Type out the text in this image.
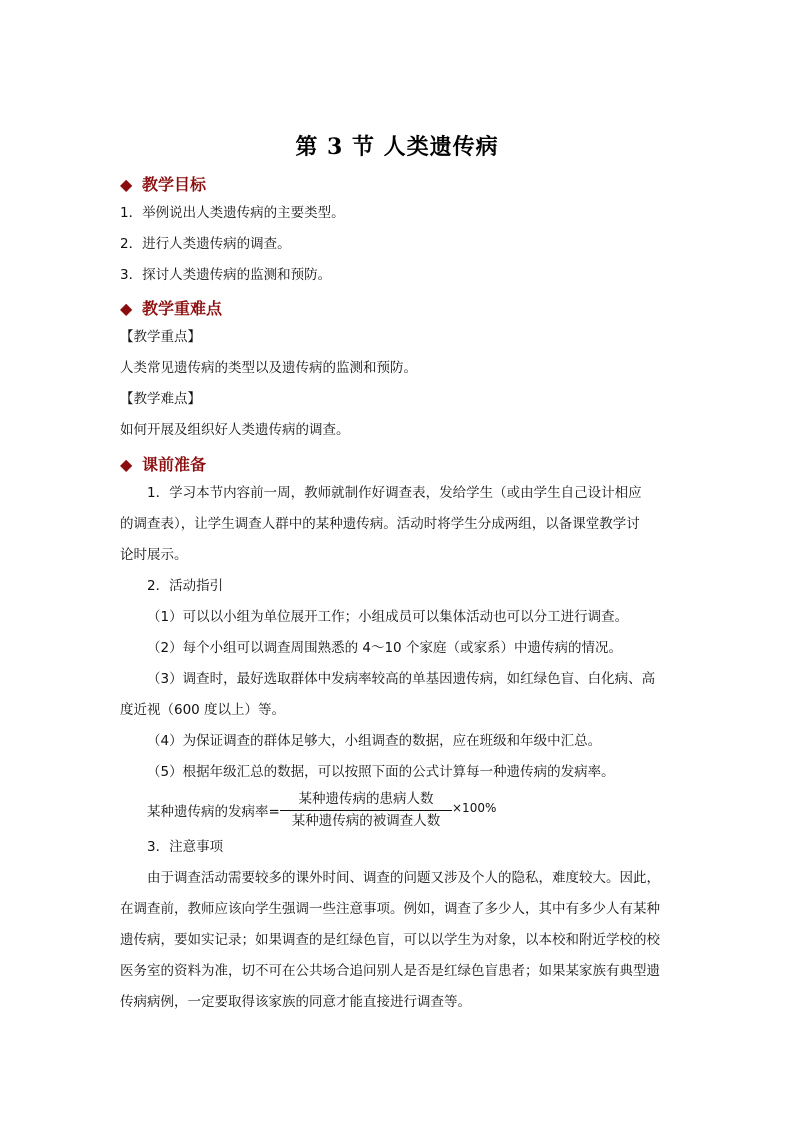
第 3 节 人类遗传病
◆ 教学目标
1．举例说出人类遗传病的主要类型。
2．进行人类遗传病的调查。
3．探讨人类遗传病的监测和预防。
◆ 教学重难点
【教学重点】
人类常见遗传病的类型以及遗传病的监测和预防。
【教学难点】
如何开展及组织好人类遗传病的调查。
◆ 课前准备
1．学习本节内容前一周，教师就制作好调查表，发给学生（或由学生自己设计相应
的调查表），让学生调查人群中的某种遗传病。活动时将学生分成两组，以备课堂教学讨
论时展示。
2．活动指引
（1）可以以小组为单位展开工作；小组成员可以集体活动也可以分工进行调查。
（2）每个小组可以调查周围熟悉的 4～10 个家庭（或家系）中遗传病的情况。
（3）调查时，最好选取群体中发病率较高的单基因遗传病，如红绿色盲、白化病、高
度近视（600 度以上）等。
（4）为保证调查的群体足够大，小组调查的数据，应在班级和年级中汇总。
（5）根据年级汇总的数据，可以按照下面的公式计算每一种遗传病的发病率。
某种遗传病的发病率=
某种遗传病的患病人数
某种遗传病的被调查人数
×100%
3．注意事项
由于调查活动需要较多的课外时间、调查的问题又涉及个人的隐私，难度较大。因此，
在调查前，教师应该向学生强调一些注意事项。例如，调查了多少人，其中有多少人有某种
遗传病，要如实记录；如果调查的是红绿色盲，可以以学生为对象，以本校和附近学校的校
医务室的资料为准，切不可在公共场合追问别人是否是红绿色盲患者；如果某家族有典型遗
传病病例，一定要取得该家族的同意才能直接进行调查等。
